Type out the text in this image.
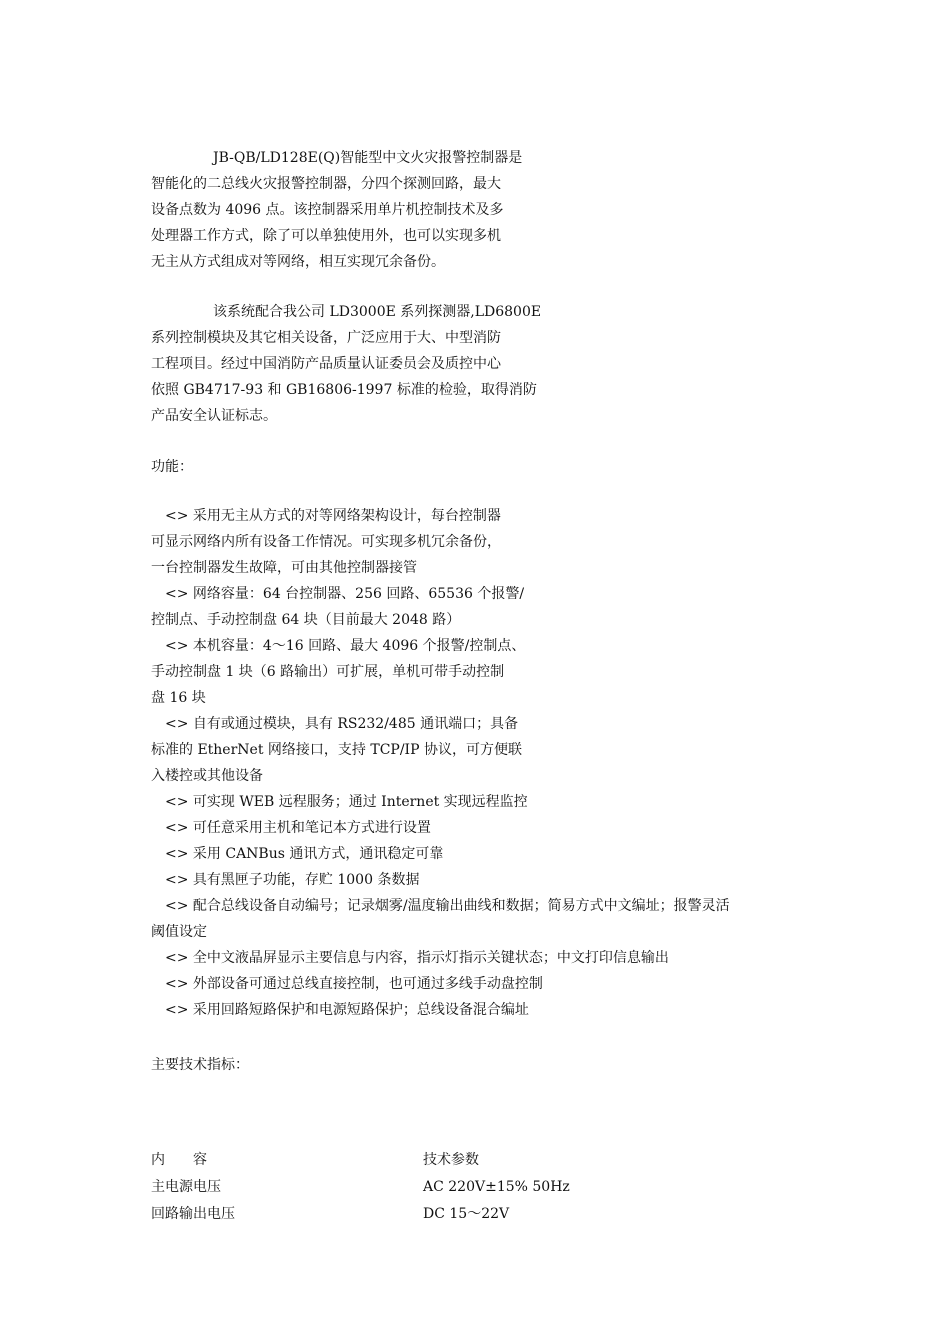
JB-QB/LD128E(Q)智能型中文火灾报警控制器是
智能化的二总线火灾报警控制器，分四个探测回路，最大
设备点数为 4096 点。该控制器采用单片机控制技术及多
处理器工作方式，除了可以单独使用外，也可以实现多机
无主从方式组成对等网络，相互实现冗余备份。

该系统配合我公司 LD3000E 系列探测器,LD6800E
系列控制模块及其它相关设备，广泛应用于大、中型消防
工程项目。经过中国消防产品质量认证委员会及质控中心
依照 GB4717-93 和 GB16806-1997 标准的检验，取得消防
产品安全认证标志。

功能：

<> 采用无主从方式的对等网络架构设计，每台控制器
可显示网络内所有设备工作情况。可实现多机冗余备份，
一台控制器发生故障，可由其他控制器接管
<> 网络容量：64 台控制器、256 回路、65536 个报警/
控制点、手动控制盘 64 块（目前最大 2048 路）
<> 本机容量：4～16 回路、最大 4096 个报警/控制点、
手动控制盘 1 块（6 路输出）可扩展，单机可带手动控制
盘 16 块
<> 自有或通过模块，具有 RS232/485 通讯端口；具备
标准的 EtherNet 网络接口，支持 TCP/IP 协议，可方便联
入楼控或其他设备
<> 可实现 WEB 远程服务；通过 Internet 实现远程监控
<> 可任意采用主机和笔记本方式进行设置
<> 采用 CANBus 通讯方式，通讯稳定可靠
<> 具有黑匣子功能，存贮 1000 条数据
<> 配合总线设备自动编号；记录烟雾/温度输出曲线和数据；简易方式中文编址；报警灵活
阈值设定
<> 全中文液晶屏显示主要信息与内容，指示灯指示关键状态；中文打印信息输出
<> 外部设备可通过总线直接控制，也可通过多线手动盘控制
<> 采用回路短路保护和电源短路保护；总线设备混合编址

主要技术指标：

内 容	技术参数
主电源电压	AC 220V±15% 50Hz
回路输出电压	DC 15～22V
